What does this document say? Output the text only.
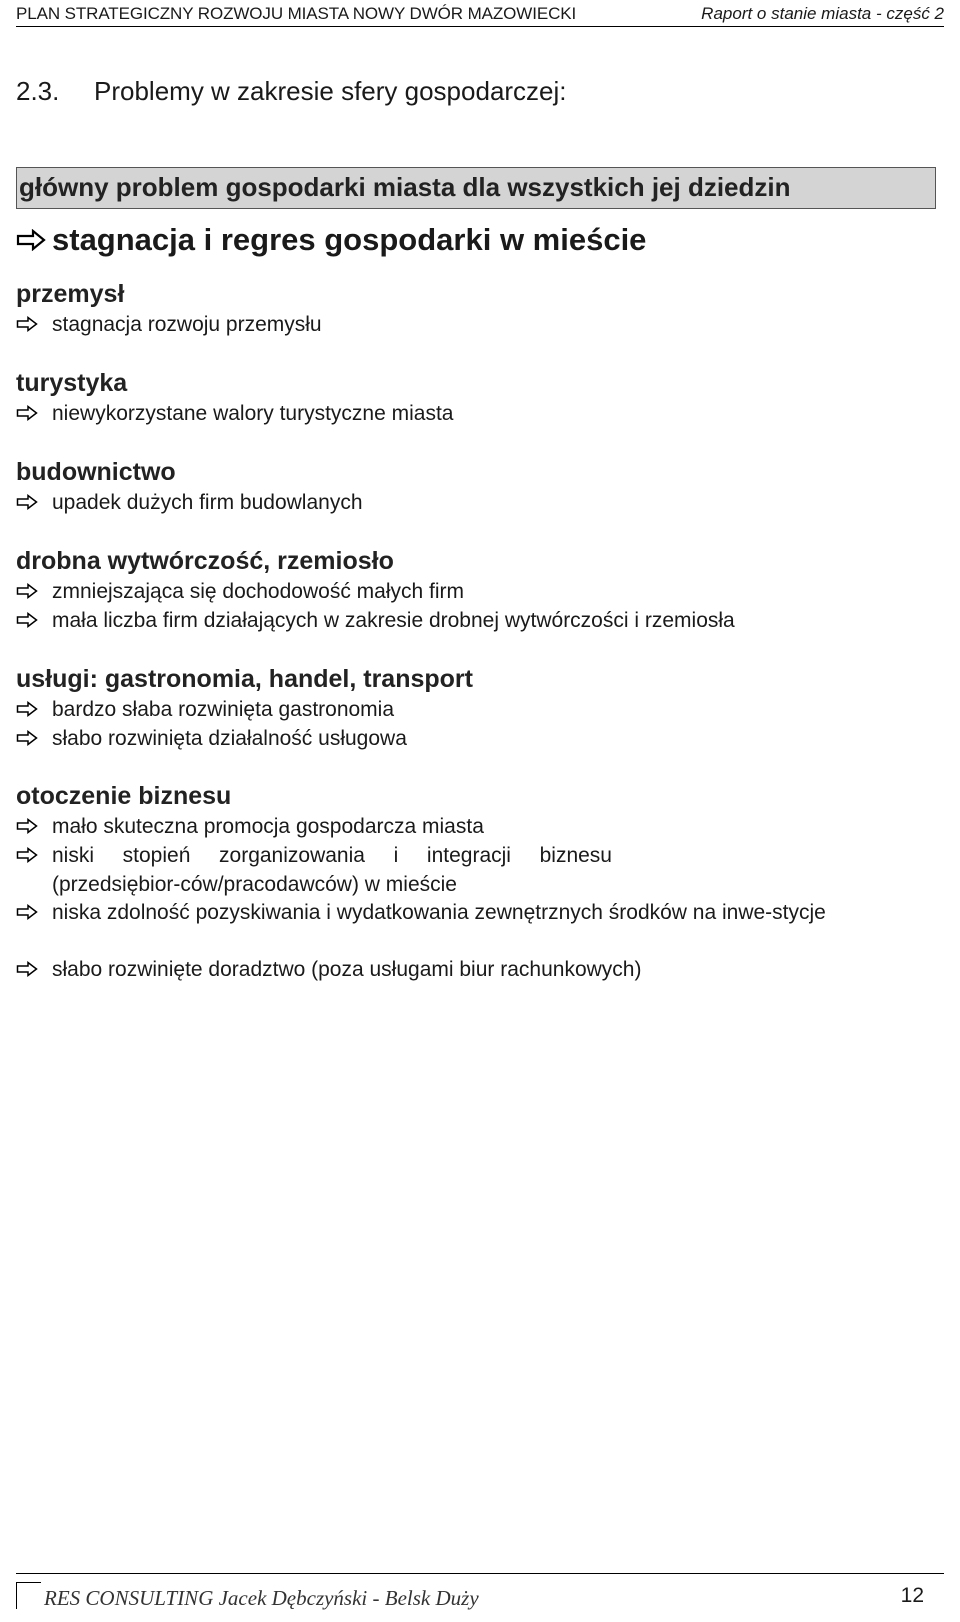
PLAN STRATEGICZNY ROZWOJU MIASTA NOWY DWÓR MAZOWIECKI	Raport o stanie miasta - część 2
2.3. Problemy w zakresie sfery gospodarczej:
główny problem gospodarki miasta dla wszystkich jej dziedzin
stagnacja i regres gospodarki w mieście
przemysł
stagnacja rozwoju przemysłu
turystyka
niewykorzystane walory turystyczne miasta
budownictwo
upadek dużych firm budowlanych
drobna wytwórczość, rzemiosło
zmniejszająca się dochodowość małych firm
mała liczba firm działających w zakresie drobnej wytwórczości i rzemiosła
usługi: gastronomia, handel, transport
bardzo słaba rozwinięta gastronomia
słabo rozwinięta działalność usługowa
otoczenie biznesu
mało skuteczna promocja gospodarcza miasta
niski stopień zorganizowania i integracji biznesu (przedsiębior-ców/pracodawców) w mieście
niska zdolność pozyskiwania i wydatkowania zewnętrznych środków na inwe-stycje
słabo rozwinięte doradztwo (poza usługami biur rachunkowych)
RES CONSULTING Jacek Dębczyński - Belsk Duży	12
